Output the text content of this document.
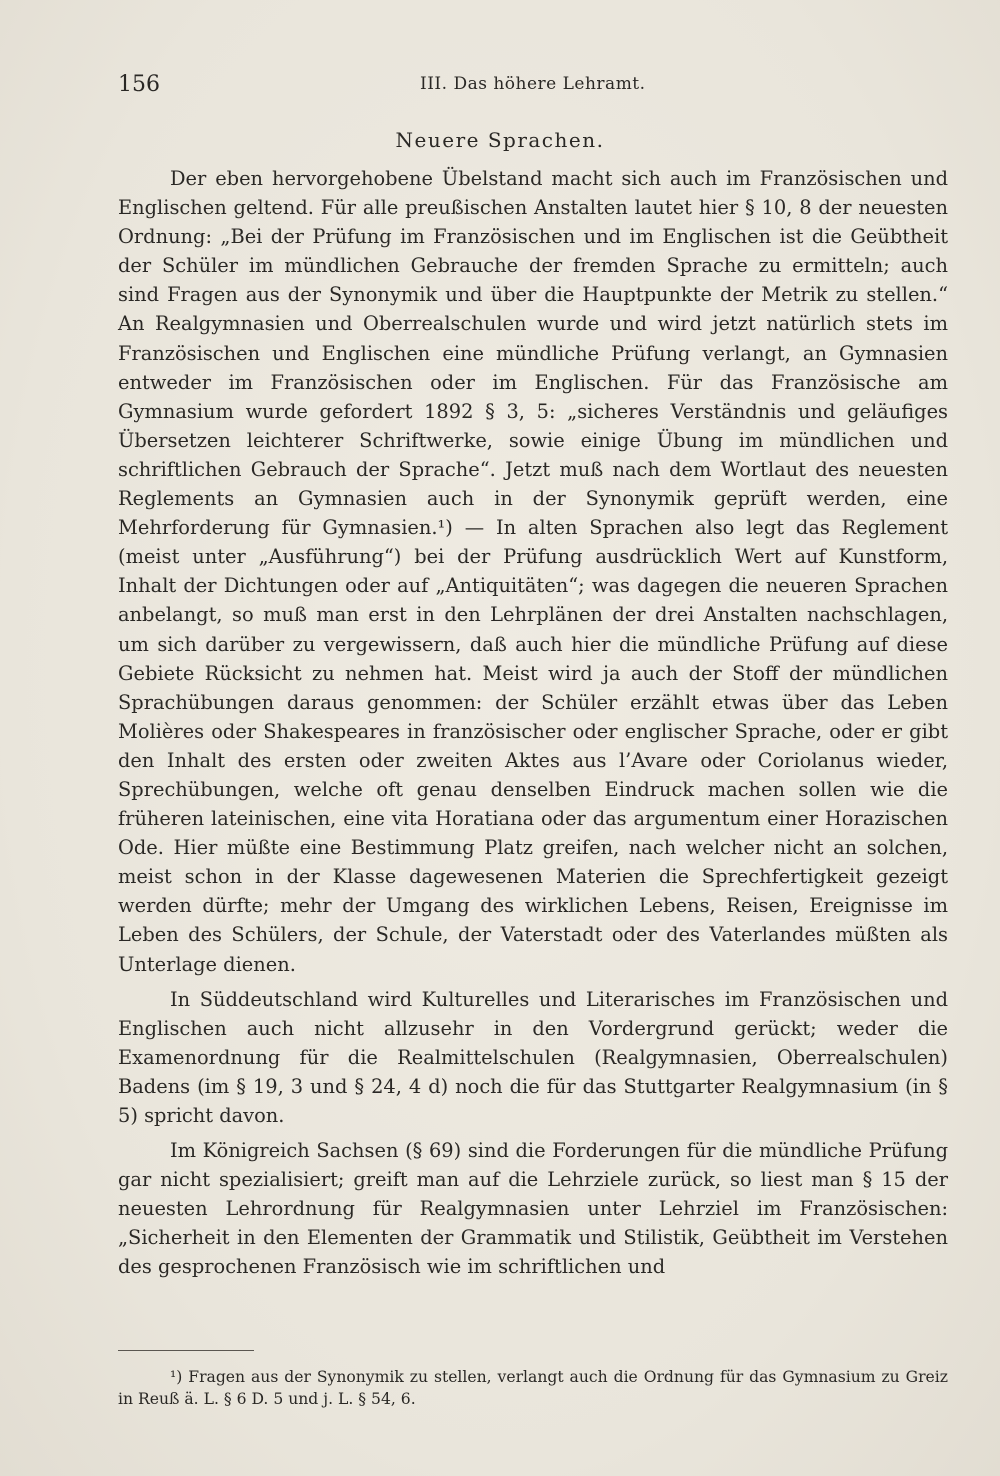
156	III. Das höhere Lehramt.
Neuere Sprachen.

Der eben hervorgehobene Übelstand macht sich auch im Französischen und Englischen geltend. Für alle preußischen Anstalten lautet hier § 10, 8 der neuesten Ordnung: „Bei der Prüfung im Französischen und im Englischen ist die Geübtheit der Schüler im mündlichen Gebrauche der fremden Sprache zu ermitteln; auch sind Fragen aus der Synonymik und über die Hauptpunkte der Metrik zu stellen.“ An Realgymnasien und Oberrealschulen wurde und wird jetzt natürlich stets im Französischen und Englischen eine mündliche Prüfung verlangt, an Gymnasien entweder im Französischen oder im Englischen. Für das Französische am Gymnasium wurde gefordert 1892 § 3, 5: „sicheres Verständnis und geläufiges Übersetzen leichterer Schriftwerke, sowie einige Übung im mündlichen und schriftlichen Gebrauch der Sprache“. Jetzt muß nach dem Wortlaut des neuesten Reglements an Gymnasien auch in der Synonymik geprüft werden, eine Mehrforderung für Gymnasien.¹) — In alten Sprachen also legt das Reglement (meist unter „Ausführung“) bei der Prüfung ausdrücklich Wert auf Kunstform, Inhalt der Dichtungen oder auf „Antiquitäten“; was dagegen die neueren Sprachen anbelangt, so muß man erst in den Lehrplänen der drei Anstalten nachschlagen, um sich darüber zu vergewissern, daß auch hier die mündliche Prüfung auf diese Gebiete Rücksicht zu nehmen hat. Meist wird ja auch der Stoff der mündlichen Sprachübungen daraus genommen: der Schüler erzählt etwas über das Leben Molières oder Shakespeares in französischer oder englischer Sprache, oder er gibt den Inhalt des ersten oder zweiten Aktes aus l’Avare oder Coriolanus wieder, Sprechübungen, welche oft genau denselben Eindruck machen sollen wie die früheren lateinischen, eine vita Horatiana oder das argumentum einer Horazischen Ode. Hier müßte eine Bestimmung Platz greifen, nach welcher nicht an solchen, meist schon in der Klasse dagewesenen Materien die Sprechfertigkeit gezeigt werden dürfte; mehr der Umgang des wirklichen Lebens, Reisen, Ereignisse im Leben des Schülers, der Schule, der Vaterstadt oder des Vaterlandes müßten als Unterlage dienen.

In Süddeutschland wird Kulturelles und Literarisches im Französischen und Englischen auch nicht allzusehr in den Vordergrund gerückt; weder die Examenordnung für die Realmittelschulen (Realgymnasien, Oberrealschulen) Badens (im § 19, 3 und § 24, 4 d) noch die für das Stuttgarter Realgymnasium (in § 5) spricht davon.

Im Königreich Sachsen (§ 69) sind die Forderungen für die mündliche Prüfung gar nicht spezialisiert; greift man auf die Lehrziele zurück, so liest man § 15 der neuesten Lehrordnung für Realgymnasien unter Lehrziel im Französischen: „Sicherheit in den Elementen der Grammatik und Stilistik, Geübtheit im Verstehen des gesprochenen Französisch wie im schriftlichen und

¹) Fragen aus der Synonymik zu stellen, verlangt auch die Ordnung für das Gymnasium zu Greiz in Reuß ä. L. § 6 D. 5 und j. L. § 54, 6.
